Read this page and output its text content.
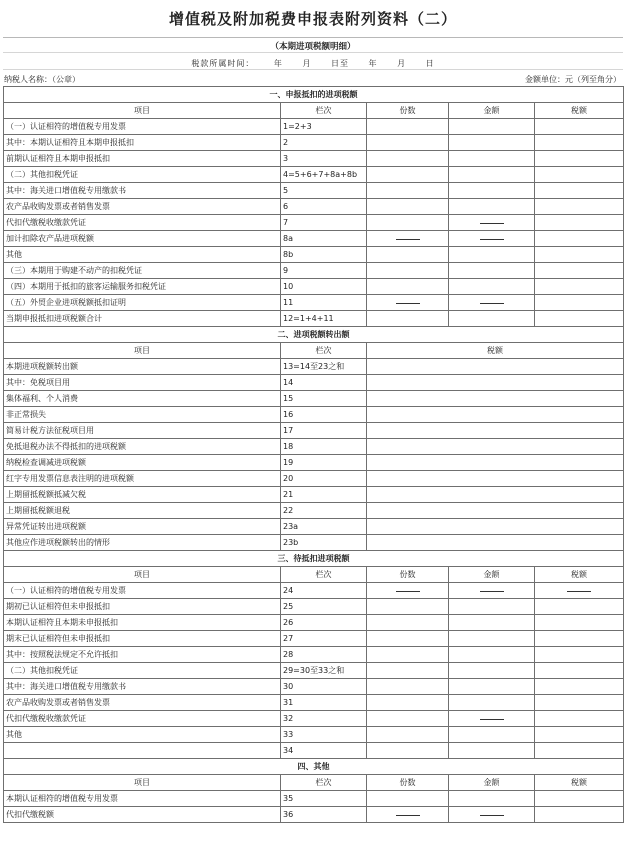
增值税及附加税费申报表附列资料（二）
（本期进项税额明细）
税款所属时间： 年 月 日至 年 月 日
纳税人名称：（公章）	金额单位：元（列至角分）
一、申报抵扣的进项税额				
项目	栏次	份数	金额	税额
（一）认证相符的增值税专用发票	1=2+3			
其中：本期认证相符且本期申报抵扣	2			
前期认证相符且本期申报抵扣	3			
（二）其他扣税凭证	4=5+6+7+8a+8b			
其中：海关进口增值税专用缴款书	5			
农产品收购发票或者销售发票	6			
代扣代缴税收缴款凭证	7			
加计扣除农产品进项税额	8a			
其他	8b			
（三）本期用于购建不动产的扣税凭证	9			
（四）本期用于抵扣的旅客运输服务扣税凭证	10			
（五）外贸企业进项税额抵扣证明	11			
当期申报抵扣进项税额合计	12=1+4+11			
二、进项税额转出额				
项目	栏次	税额		
本期进项税额转出额	13=14至23之和			
其中：免税项目用	14			
集体福利、个人消费	15			
非正常损失	16			
简易计税方法征税项目用	17			
免抵退税办法不得抵扣的进项税额	18			
纳税检查调减进项税额	19			
红字专用发票信息表注明的进项税额	20			
上期留抵税额抵减欠税	21			
上期留抵税额退税	22			
异常凭证转出进项税额	23a			
其他应作进项税额转出的情形	23b			
三、待抵扣进项税额				
项目	栏次	份数	金额	税额
（一）认证相符的增值税专用发票	24			
期初已认证相符但未申报抵扣	25			
本期认证相符且本期未申报抵扣	26			
期末已认证相符但未申报抵扣	27			
其中：按照税法规定不允许抵扣	28			
（二）其他扣税凭证	29=30至33之和			
其中：海关进口增值税专用缴款书	30			
农产品收购发票或者销售发票	31			
代扣代缴税收缴款凭证	32			
其他	33			
	34			
四、其他				
项目	栏次	份数	金额	税额
本期认证相符的增值税专用发票	35			
代扣代缴税额	36			
